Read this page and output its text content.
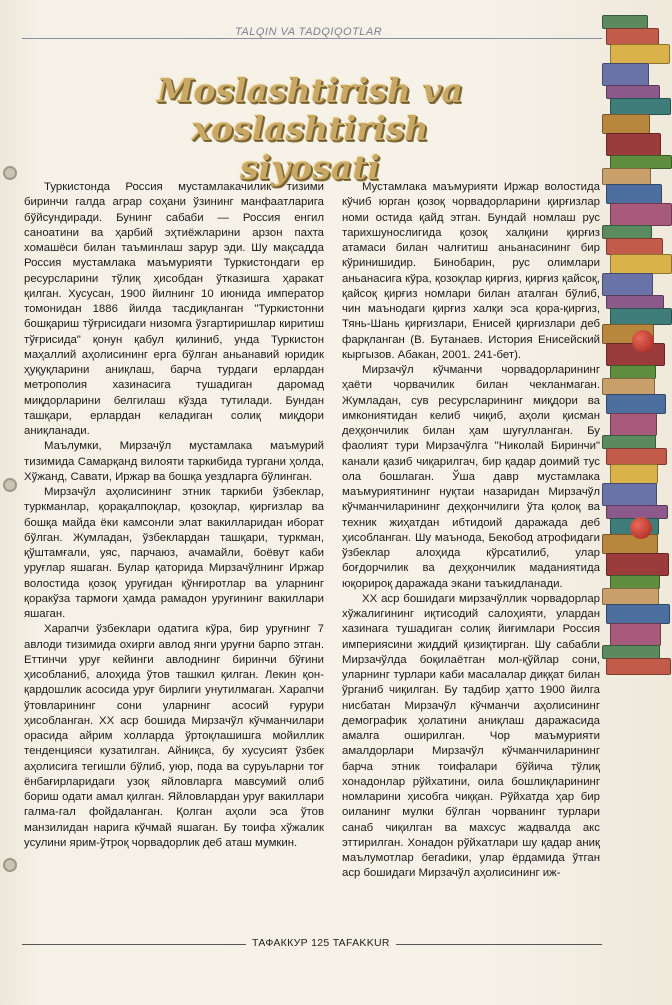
TALQIN VA TADQIQOTLAR
Moslashtirish va xoslashtirish
siyosati

Туркистонда Россия мустамлакачилик тизими биринчи галда аграр соҳани ўзининг манфаатларига бўйсундиради. Бунинг сабаби — Россия енгил саноатини ва ҳарбий эҳтиёжларини арзон пахта хомашёси билан таъминлаш зарур эди. Шу мақсадда Россия мустамлака маъмурияти Туркистондаги ер ресурсларини тўлиқ ҳисобдан ўтказишга ҳаракат қилган. Хусусан, 1900 йилнинг 10 июнида император томонидан 1886 йилда тасдиқланган "Туркистонни бошқариш тўғрисидаги низомга ўзгартиришлар киритиш тўғрисида" қонун қабул қилиниб, унда Туркистон маҳаллий аҳолисининг ерга бўлган аньанавий юридик ҳуқуқларини аниқлаш, барча турдаги ерлардан метрополия хазинасига тушадиган даромад миқдорларини белгилаш кўзда тутилади. Бундан ташқари, ерлардан келадиган солиқ миқдори аниқланади.

Маълумки, Мирзачўл мустамлака маъмурий тизимида Самарқанд вилояти таркибида тургани ҳолда, Хўжанд, Савати, Иржар ва бошқа уездларга бўлинган.

Мирзачўл аҳолисининг этник таркиби ўзбеклар, туркманлар, қорақалпоқлар, қозоқлар, қирғизлар ва бошқа майда ёки камсонли элат вакилларидан иборат бўлган. Жумладан, ўзбеклардан ташқари, туркман, қўштамғали, уяс, парчаюз, ачамайли, боёвут каби уруғлар яшаган. Булар қаторида Мирзачўлнинг Иржар волостида қозоқ уруғидан қўнғиротлар ва уларнинг қоракўза тармоғи ҳамда рамадон уруғининг вакиллари яшаган.

Харапчи ўзбеклари одатига кўра, бир уруғнинг 7 авлоди тизимида охирги авлод янги уруғни барпо этган. Еттинчи уруғ кейинги авлоднинг биринчи бўғини ҳисобланиб, алоҳида ўтов ташкил қилган. Лекин қон-қардошлик асосида уруғ бирлиги унутилмаган. Харапчи ўтовларининг сони уларнинг асосий ғурури ҳисобланган. XX аср бошида Мирзачўл кўчманчилари орасида айрим холларда ўртоқлашишга мойиллик тенденцияси кузатилган. Айниқса, бу хусусият ўзбек аҳолисига тегишли бўлиб, уюр, пода ва суруьларни тоғ ёнбағирларидаги узоқ яйловларга мавсумий олиб бориш одати амал қилган. Яйловлардан уруғ вакиллари галма-гал фойдаланган. Қолган аҳоли эса ўтов манзилидан нарига кўчмай яшаган. Бу тоифа хўжалик усулини ярим-ўтроқ чорвадорлик деб аташ мумкин.

Мустамлака маъмурияти Иржар волостида кўчиб юрган қозоқ чорвадорларини қирғизлар номи остида қайд этган. Бундай номлаш рус тарихшунослигида қозоқ халқини қирғиз атамаси билан чалғитиш аньанасининг бир кўринишидир. Бинобарин, рус олимлари аньанасига кўра, қозоқлар қирғиз, қирғиз қайсоқ, қайсоқ қирғиз номлари билан аталган бўлиб, чин маънодаги қирғиз халқи эса қора-қирғиз, Тянь-Шань қирғизлари, Енисей қирғизлари деб фарқланган (В. Бутанаев. История Енисейский кыргызов. Абакан, 2001. 241-бет).

Мирзачўл кўчманчи чорвадорларининг ҳаёти чорвачилик билан чекланмаган. Жумладан, сув ресурсларининг миқдори ва имкониятидан келиб чиқиб, аҳоли қисман деҳқончилик билан ҳам шуғулланган. Бу фаолият тури Мирзачўлга "Николай Биринчи" канали қазиб чиқарилгач, бир қадар доимий тус ола бошлаган. Ўша давр мустамлака маъмуриятининг нуқтаи назаридан Мирзачўл кўчманчиларининг деҳқончилиги ўта қолоқ ва техник жиҳатдан ибтидоий даражада деб ҳисобланган. Шу маънода, Бекобод атрофидаги ўзбеклар алоҳида кўрсатилиб, улар боғдорчилик ва деҳқончилик маданиятида юқорироқ даражада экани таъкидланади.

XX аср бошидаги мирзачўллик чорвадорлар хўжалигининг иқтисодий салоҳияти, улардан хазинага тушадиган солиқ йиғимлари Россия империясини жиддий қизиқтирган. Шу сабабли Мирзачўлда боқилаётган мол-қўйлар сони, уларнинг турлари каби масалалар диққат билан ўрганиб чиқилган. Бу тадбир ҳатто 1900 йилга нисбатан Мирзачўл кўчманчи аҳолисининг демографик ҳолатини аниқлаш даражасида амалга оширилган. Чор маъмурияти амалдорлари Мирзачўл кўчманчиларининг барча этник тоифалари бўйича тўлиқ хонадонлар рўйхатини, оила бошлиқларининг номларини ҳисобга чиққан. Рўйхатда ҳар бир оиланинг мулки бўлган чорванинг турлари санаб чиқилган ва махсус жадвалда акс эттирилган. Хонадон рўйхатлари шу қадар аниқ маълумотлар беradики, улар ёрдамида ўтган аср бошидаги Мирзачўл аҳолисининг иж-

ТАФАККУР 125 TAFAKKUR
